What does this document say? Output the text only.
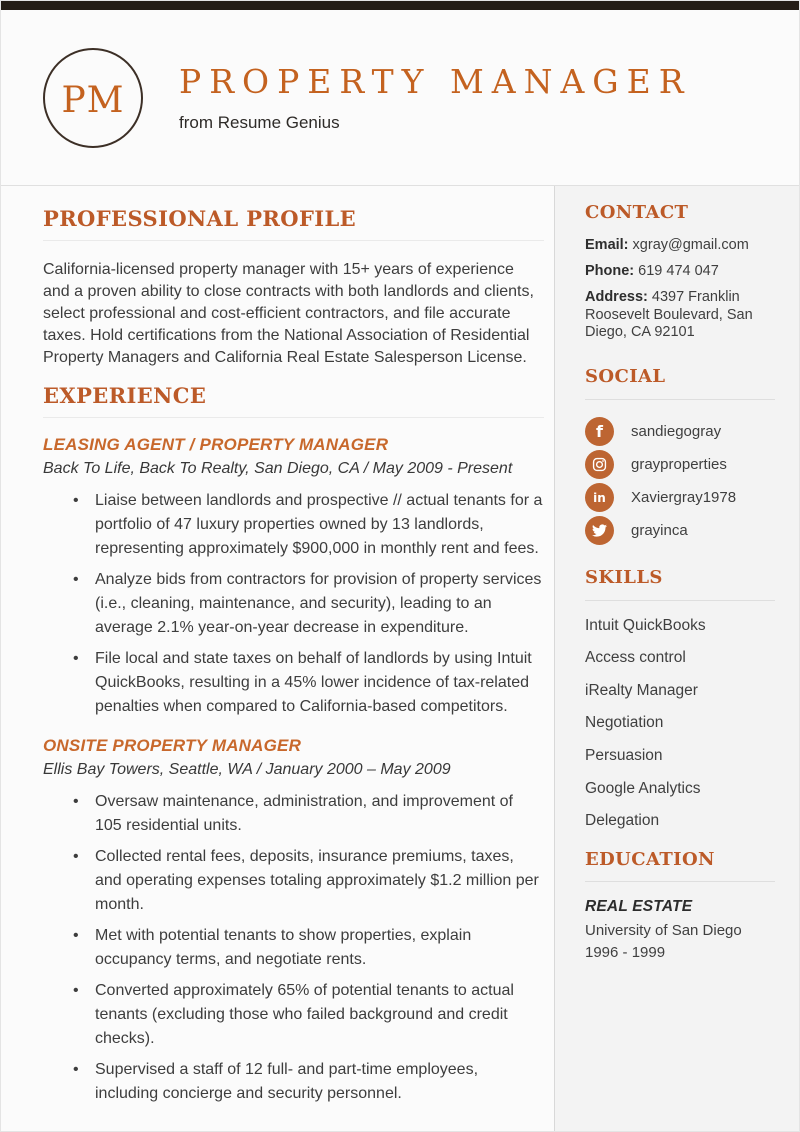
PM PROPERTY MANAGER
from Resume Genius
PROFESSIONAL PROFILE

California-licensed property manager with 15+ years of experience and a proven ability to close contracts with both landlords and clients, select professional and cost-efficient contractors, and file accurate taxes. Hold certifications from the National Association of Residential Property Managers and California Real Estate Salesperson License.

EXPERIENCE
LEASING AGENT / PROPERTY MANAGER
Back To Life, Back To Realty, San Diego, CA / May 2009 - Present
• Liaise between landlords and prospective // actual tenants for a portfolio of 47 luxury properties owned by 13 landlords, representing approximately $900,000 in monthly rent and fees.
• Analyze bids from contractors for provision of property services (i.e., cleaning, maintenance, and security), leading to an average 2.1% year-on-year decrease in expenditure.
• File local and state taxes on behalf of landlords by using Intuit QuickBooks, resulting in a 45% lower incidence of tax-related penalties when compared to California-based competitors.
ONSITE PROPERTY MANAGER
Ellis Bay Towers, Seattle, WA / January 2000 – May 2009
• Oversaw maintenance, administration, and improvement of 105 residential units.
• Collected rental fees, deposits, insurance premiums, taxes, and operating expenses totaling approximately $1.2 million per month.
• Met with potential tenants to show properties, explain occupancy terms, and negotiate rents.
• Converted approximately 65% of potential tenants to actual tenants (excluding those who failed background and credit checks).
• Supervised a staff of 12 full- and part-time employees, including concierge and security personnel.
CONTACT
Email: xgray@gmail.com
Phone: 619 474 047
Address: 4397 Franklin Roosevelt Boulevard, San Diego, CA 92101
SOCIAL
f sandiegogray
grayproperties
in Xaviergray1978
grayinca
SKILLS
Intuit QuickBooks
Access control
iRealty Manager
Negotiation
Persuasion
Google Analytics
Delegation
EDUCATION
REAL ESTATE
University of San Diego
1996 - 1999
